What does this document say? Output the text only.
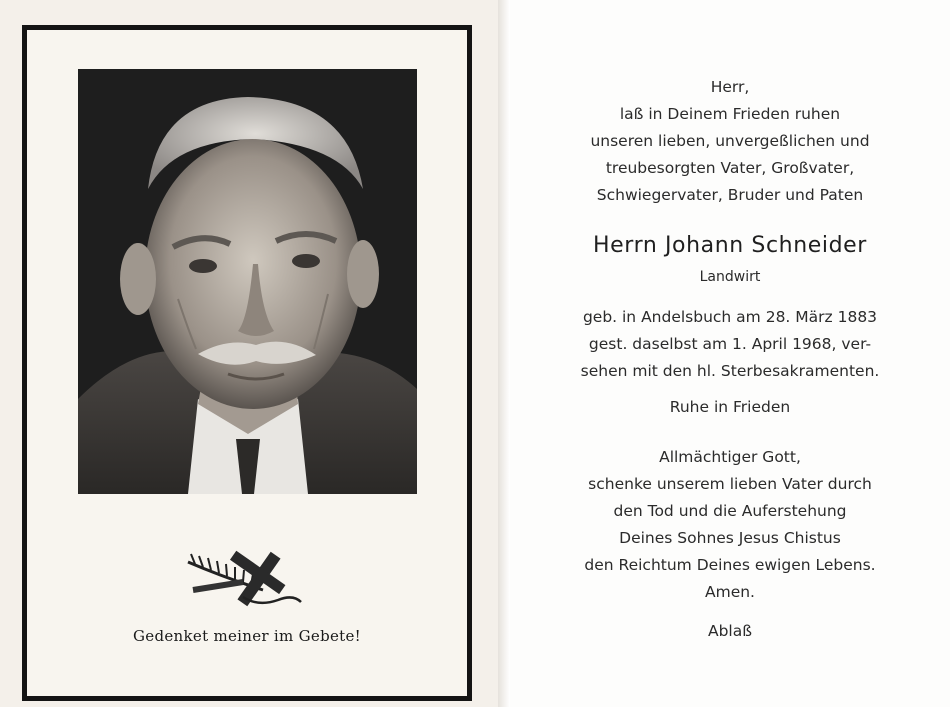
Gedenket meiner im Gebete!
Herr,
laß in Deinem Frieden ruhen
unseren lieben, unvergeßlichen und
treubesorgten Vater, Großvater,
Schwiegervater, Bruder und Paten
Herrn Johann Schneider
Landwirt
geb. in Andelsbuch am 28. März 1883
gest. daselbst am 1. April 1968, ver-
sehen mit den hl. Sterbesakramenten.
Ruhe in Frieden
Allmächtiger Gott,
schenke unserem lieben Vater durch
den Tod und die Auferstehung
Deines Sohnes Jesus Chistus
den Reichtum Deines ewigen Lebens.
Amen.
Ablaß
